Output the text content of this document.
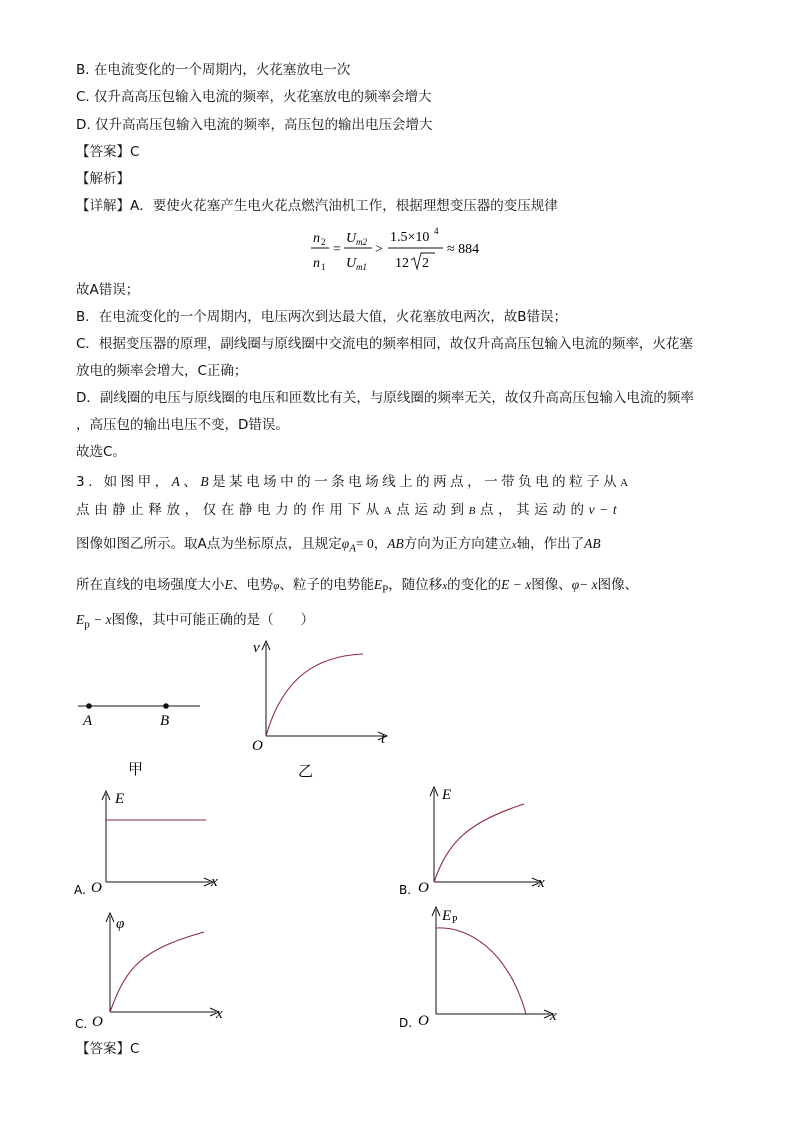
B. 在电流变化的一个周期内，火花塞放电一次
C. 仅升高高压包输入电流的频率，火花塞放电的频率会增大
D. 仅升高高压包输入电流的频率，高压包的输出电压会增大
【答案】C
【解析】
【详解】A．要使火花塞产生电火花点燃汽油机工作，根据理想变压器的变压规律
n 2
n 1
=
U m2
U m1
>
1.5×10 4
12 2
≈ 884
故A错误；
B．在电流变化的一个周期内，电压两次到达最大值，火花塞放电两次，故B错误；
C．根据变压器的原理，副线圈与原线圈中交流电的频率相同，故仅升高高压包输入电流的频率，火花塞
放电的频率会增大，C正确；
D．副线圈的电压与原线圈的电压和匝数比有关，与原线圈的频率无关，故仅升高高压包输入电流的频率
，高压包的输出电压不变，D错误。
故选C。
3. 如图甲，A、B是某电场中的一条电场线上的两点，一带负电的粒子从A
点由静止释放，仅在静电力的作用下从A点运动到B点，其运动的v−t
图像如图乙所示。取A点为坐标原点，且规定$\varphi_A= 0$，AB方向为正方向建立x轴，作出了AB
所在直线的电场强度大小E、电势φ、粒子的电势能$E_P$，随位移x的变化的E − x图像、φ− x图像、
$E_p - x$图像，其中可能正确的是（　　）
A	B
甲
v
t
O
乙
E
x
O
A.
E
x
O
B.
φ
x
O
C.
E P
x
O
D.
【答案】C
